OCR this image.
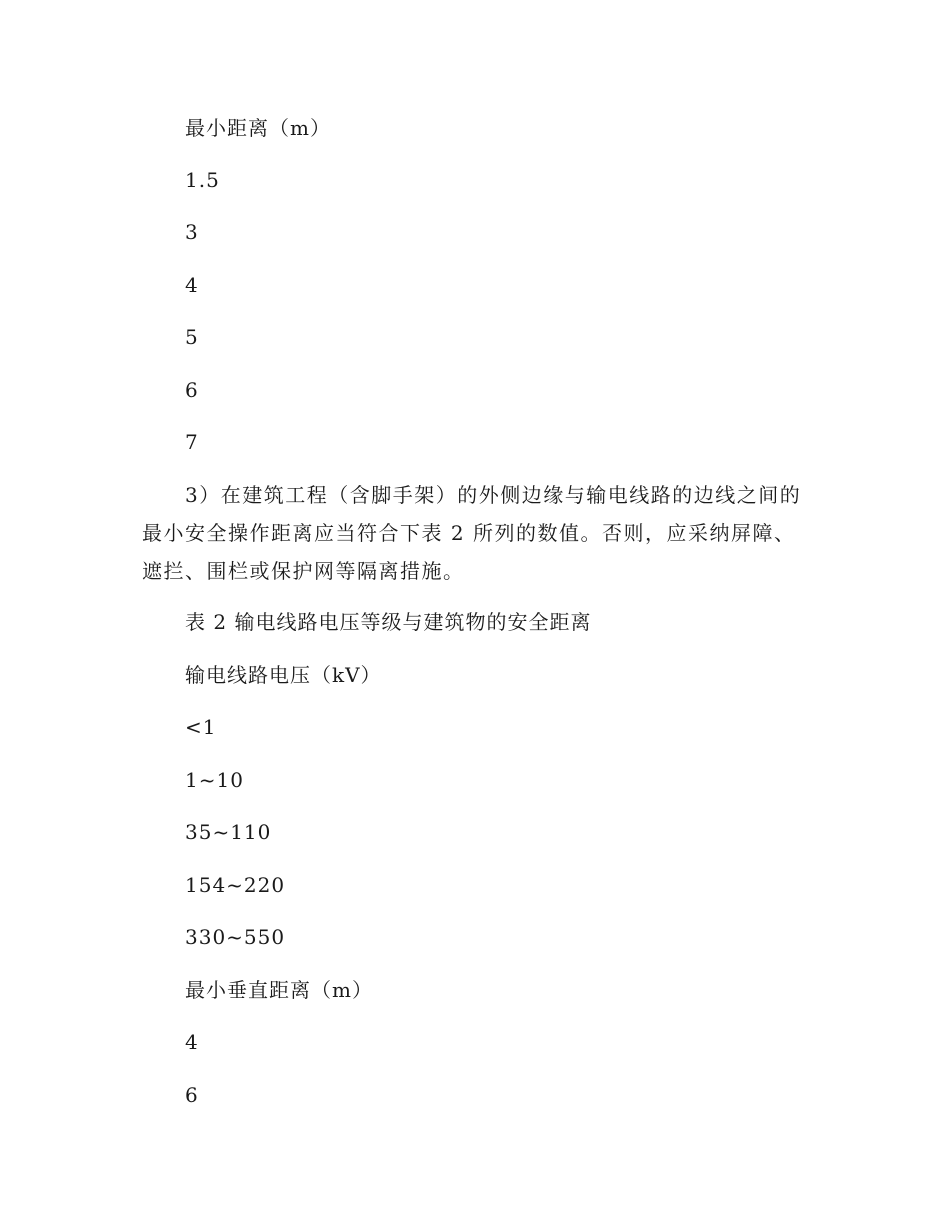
最小距离（m）
1.5
3
4
5
6
7
3）在建筑工程（含脚手架）的外侧边缘与输电线路的边线之间的
最小安全操作距离应当符合下表 2 所列的数值。否则，应采纳屏障、
遮拦、围栏或保护网等隔离措施。
表 2 输电线路电压等级与建筑物的安全距离
输电线路电压（kV）
<1
1~10
35~110
154~220
330~550
最小垂直距离（m）
4
6
